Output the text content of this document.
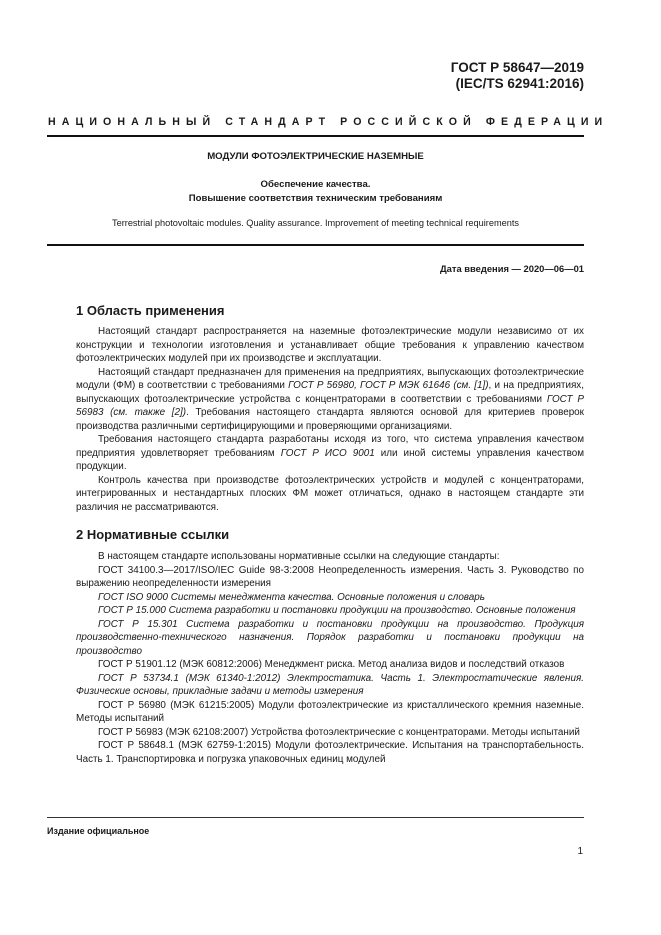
ГОСТ Р 58647—2019
(IEC/TS 62941:2016)
НАЦИОНАЛЬНЫЙ СТАНДАРТ РОССИЙСКОЙ ФЕДЕРАЦИИ
МОДУЛИ ФОТОЭЛЕКТРИЧЕСКИЕ НАЗЕМНЫЕ
Обеспечение качества.
Повышение соответствия техническим требованиям
Terrestrial photovoltaic modules. Quality assurance. Improvement of meeting technical requirements
Дата введения — 2020—06—01
1 Область применения

Настоящий стандарт распространяется на наземные фотоэлектрические модули независимо от их конструкции и технологии изготовления и устанавливает общие требования к управлению качеством фотоэлектрических модулей при их производстве и эксплуатации.

Настоящий стандарт предназначен для применения на предприятиях, выпускающих фотоэлектрические модули (ФМ) в соответствии с требованиями ГОСТ Р 56980, ГОСТ Р МЭК 61646 (см. [1]), и на предприятиях, выпускающих фотоэлектрические устройства с концентраторами в соответствии с требованиями ГОСТ Р 56983 (см. также [2]). Требования настоящего стандарта являются основой для критериев проверок производства различными сертифицирующими и проверяющими организациями.

Требования настоящего стандарта разработаны исходя из того, что система управления качеством предприятия удовлетворяет требованиям ГОСТ Р ИСО 9001 или иной системы управления качеством продукции.

Контроль качества при производстве фотоэлектрических устройств и модулей с концентраторами, интегрированных и нестандартных плоских ФМ может отличаться, однако в настоящем стандарте эти различия не рассматриваются.

2 Нормативные ссылки

В настоящем стандарте использованы нормативные ссылки на следующие стандарты:

ГОСТ 34100.3—2017/ISO/IEC Guide 98-3:2008 Неопределенность измерения. Часть 3. Руководство по выражению неопределенности измерения

ГОСТ ISO 9000 Системы менеджмента качества. Основные положения и словарь

ГОСТ Р 15.000 Система разработки и постановки продукции на производство. Основные положения

ГОСТ Р 15.301 Система разработки и постановки продукции на производство. Продукция производственно-технического назначения. Порядок разработки и постановки продукции на производство

ГОСТ Р 51901.12 (МЭК 60812:2006) Менеджмент риска. Метод анализа видов и последствий отказов

ГОСТ Р 53734.1 (МЭК 61340-1:2012) Электростатика. Часть 1. Электростатические явления. Физические основы, прикладные задачи и методы измерения

ГОСТ Р 56980 (МЭК 61215:2005) Модули фотоэлектрические из кристаллического кремния наземные. Методы испытаний

ГОСТ Р 56983 (МЭК 62108:2007) Устройства фотоэлектрические с концентраторами. Методы испытаний

ГОСТ Р 58648.1 (МЭК 62759-1:2015) Модули фотоэлектрические. Испытания на транспортабельность. Часть 1. Транспортировка и погрузка упаковочных единиц модулей

Издание официальное
1
